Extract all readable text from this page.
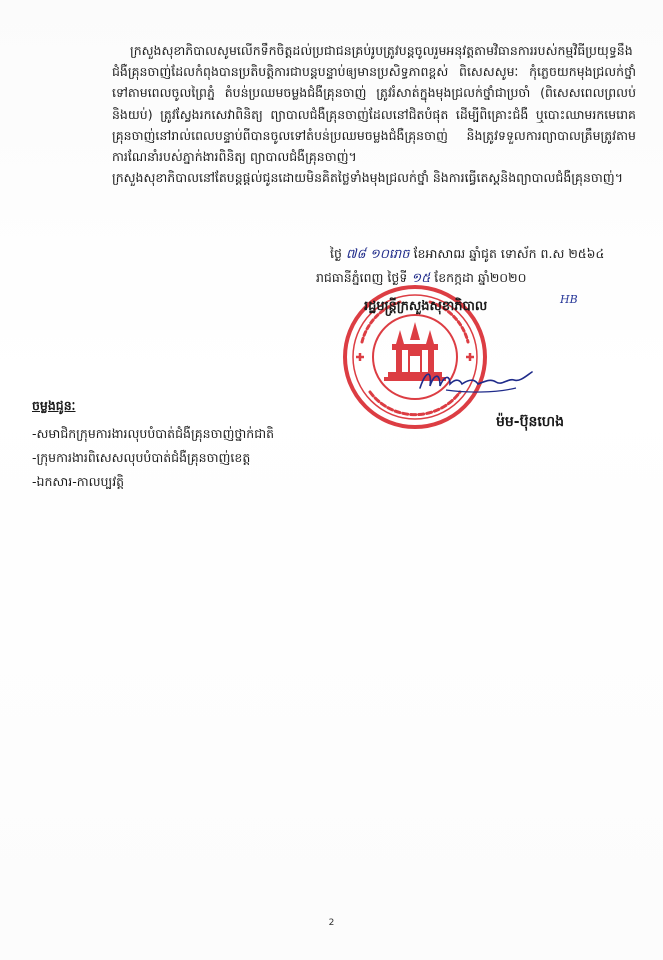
ក្រសួងសុខាភិបាលសូមលើកទឹកចិត្តដល់ប្រជាជនគ្រប់រូបត្រូវបន្តចូលរួមអនុវត្តតាមវិធានការរបស់កម្មវិធីប្រយុទ្ធនឹងជំងឺគ្រុនចាញ់ដែលកំពុងបានប្រតិបត្តិការជាបន្តបន្ទាប់ឲ្យមានប្រសិទ្ធភាពខ្ពស់ ពិសេសសូមៈ កុំភ្លេចយកមុងជ្រលក់ថ្នាំទៅតាមពេលចូលព្រៃភ្នំ តំបន់ប្រឈមចម្លងជំងឺគ្រុនចាញ់ ត្រូវរំសាត់ក្នុងមុងជ្រលក់ថ្នាំជាប្រចាំ (ពិសេសពេលព្រលប់ និងយប់) ត្រូវស្វែងរកសេវាពិនិត្យ ព្យាបាលជំងឺគ្រុនចាញ់ដែលនៅជិតបំផុត ដើម្បីពិគ្រោះជំងឺ ឬបោះឈាមរកមេរោគគ្រុនចាញ់នៅរាល់ពេលបន្ទាប់ពីបានចូលទៅតំបន់ប្រឈមចម្លងជំងឺគ្រុនចាញ់ និងត្រូវទទួលការព្យាបាលត្រឹមត្រូវតាមការណែនាំរបស់ភ្នាក់ងារពិនិត្យ ព្យាបាលជំងឺគ្រុនចាញ់។

ក្រសួងសុខាភិបាលនៅតែបន្តផ្តល់ជូនដោយមិនគិតថ្លៃទាំងមុងជ្រលក់ថ្នាំ និងការធ្វើតេស្តនិងព្យាបាលជំងឺគ្រុនចាញ់។

ថ្ងៃ ៧៨ ១០រោច ខែអាសាឍ ឆ្នាំជូត ទោស័ក ព.ស ២៥៦៤
រាជធានីភ្នំពេញ ថ្ងៃទី ១៥ ខែកក្កដា ឆ្នាំ២០២០
រដ្ឋមន្ត្រីក្រសួងសុខាភិបាល	HB
ម៉ម-ប៊ុនហេង
ចម្លងជូនៈ
-សមាជិកក្រុមការងារលុបបំបាត់ជំងឺគ្រុនចាញ់ថ្នាក់ជាតិ
-ក្រុមការងារពិសេសលុបបំបាត់ជំងឺគ្រុនចាញ់ខេត្ត
-ឯកសារ-កាលប្បវត្តិ
2
